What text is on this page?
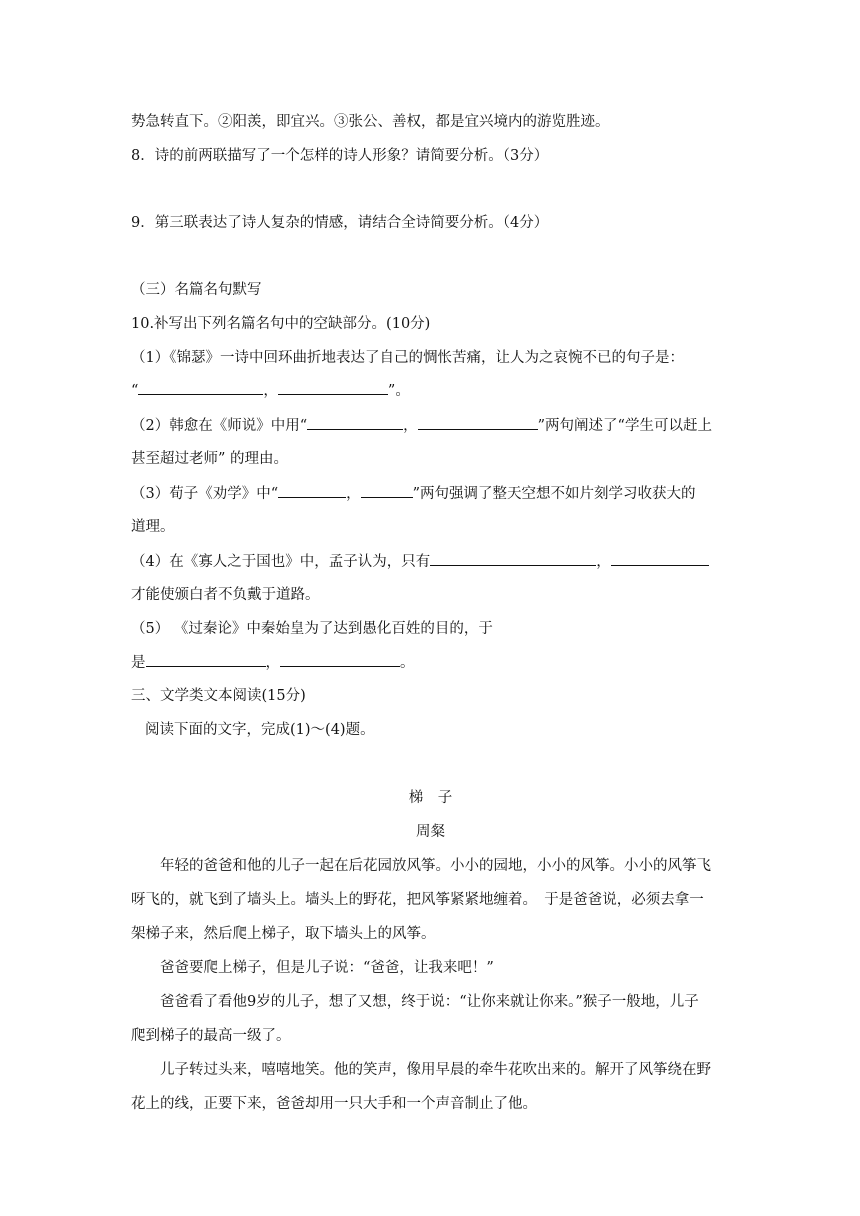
势急转直下。②阳羡，即宜兴。③张公、善权，都是宜兴境内的游览胜迹。
8．诗的前两联描写了一个怎样的诗人形象？请简要分析。（3分）
9．第三联表达了诗人复杂的情感，请结合全诗简要分析。（4分）
（三）名篇名句默写
10.补写出下列名篇名句中的空缺部分。(10分)
（1）《锦瑟》一诗中回环曲折地表达了自己的惆怅苦痛，让人为之哀惋不已的句子是：
“	，	”。
（2）韩愈在《师说》中用“	，	”两句阐述了“学生可以赶上
甚至超过老师” 的理由。
（3）荀子《劝学》中“	，	”两句强调了整天空想不如片刻学习收获大的
道理。
（4）在《寡人之于国也》中，孟子认为，只有	，
才能使颁白者不负戴于道路。
（5） 《过秦论》中秦始皇为了达到愚化百姓的目的，于
是	，	。
三、文学类文本阅读(15分)
阅读下面的文字，完成(1)～(4)题。
梯　子
周粲
年轻的爸爸和他的儿子一起在后花园放风筝。小小的园地，小小的风筝。小小的风筝飞
呀飞的，就飞到了墙头上。墙头上的野花，把风筝紧紧地缠着。　于是爸爸说，必须去拿一
架梯子来，然后爬上梯子，取下墙头上的风筝。
爸爸要爬上梯子，但是儿子说：“爸爸，让我来吧！”
爸爸看了看他9岁的儿子，想了又想，终于说：“让你来就让你来。”猴子一般地，儿子
爬到梯子的最高一级了。
儿子转过头来，嘻嘻地笑。他的笑声，像用早晨的牵牛花吹出来的。解开了风筝绕在野
花上的线，正要下来，爸爸却用一只大手和一个声音制止了他。
